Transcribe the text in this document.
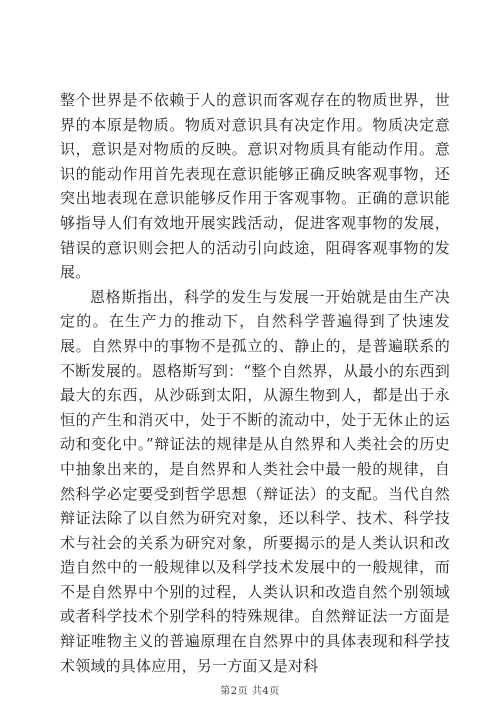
整个世界是不依赖于人的意识而客观存在的物质世界，世界的本原是物质。物质对意识具有决定作用。物质决定意识，意识是对物质的反映。意识对物质具有能动作用。意识的能动作用首先表现在意识能够正确反映客观事物，还突出地表现在意识能够反作用于客观事物。正确的意识能够指导人们有效地开展实践活动，促进客观事物的发展，错误的意识则会把人的活动引向歧途，阻碍客观事物的发展。

恩格斯指出，科学的发生与发展一开始就是由生产决定的。在生产力的推动下，自然科学普遍得到了快速发展。自然界中的事物不是孤立的、静止的，是普遍联系的不断发展的。恩格斯写到：“整个自然界，从最小的东西到最大的东西，从沙砾到太阳，从源生物到人，都是出于永恒的产生和消灭中，处于不断的流动中，处于无休止的运动和变化中。”辩证法的规律是从自然界和人类社会的历史中抽象出来的，是自然界和人类社会中最一般的规律，自然科学必定要受到哲学思想（辩证法）的支配。当代自然辩证法除了以自然为研究对象，还以科学、技术、科学技术与社会的关系为研究对象，所要揭示的是人类认识和改造自然中的一般规律以及科学技术发展中的一般规律，而不是自然界中个别的过程，人类认识和改造自然个别领域或者科学技术个别学科的特殊规律。自然辩证法一方面是辩证唯物主义的普遍原理在自然界中的具体表现和科学技术领域的具体应用，另一方面又是对科

第2页 共4页
